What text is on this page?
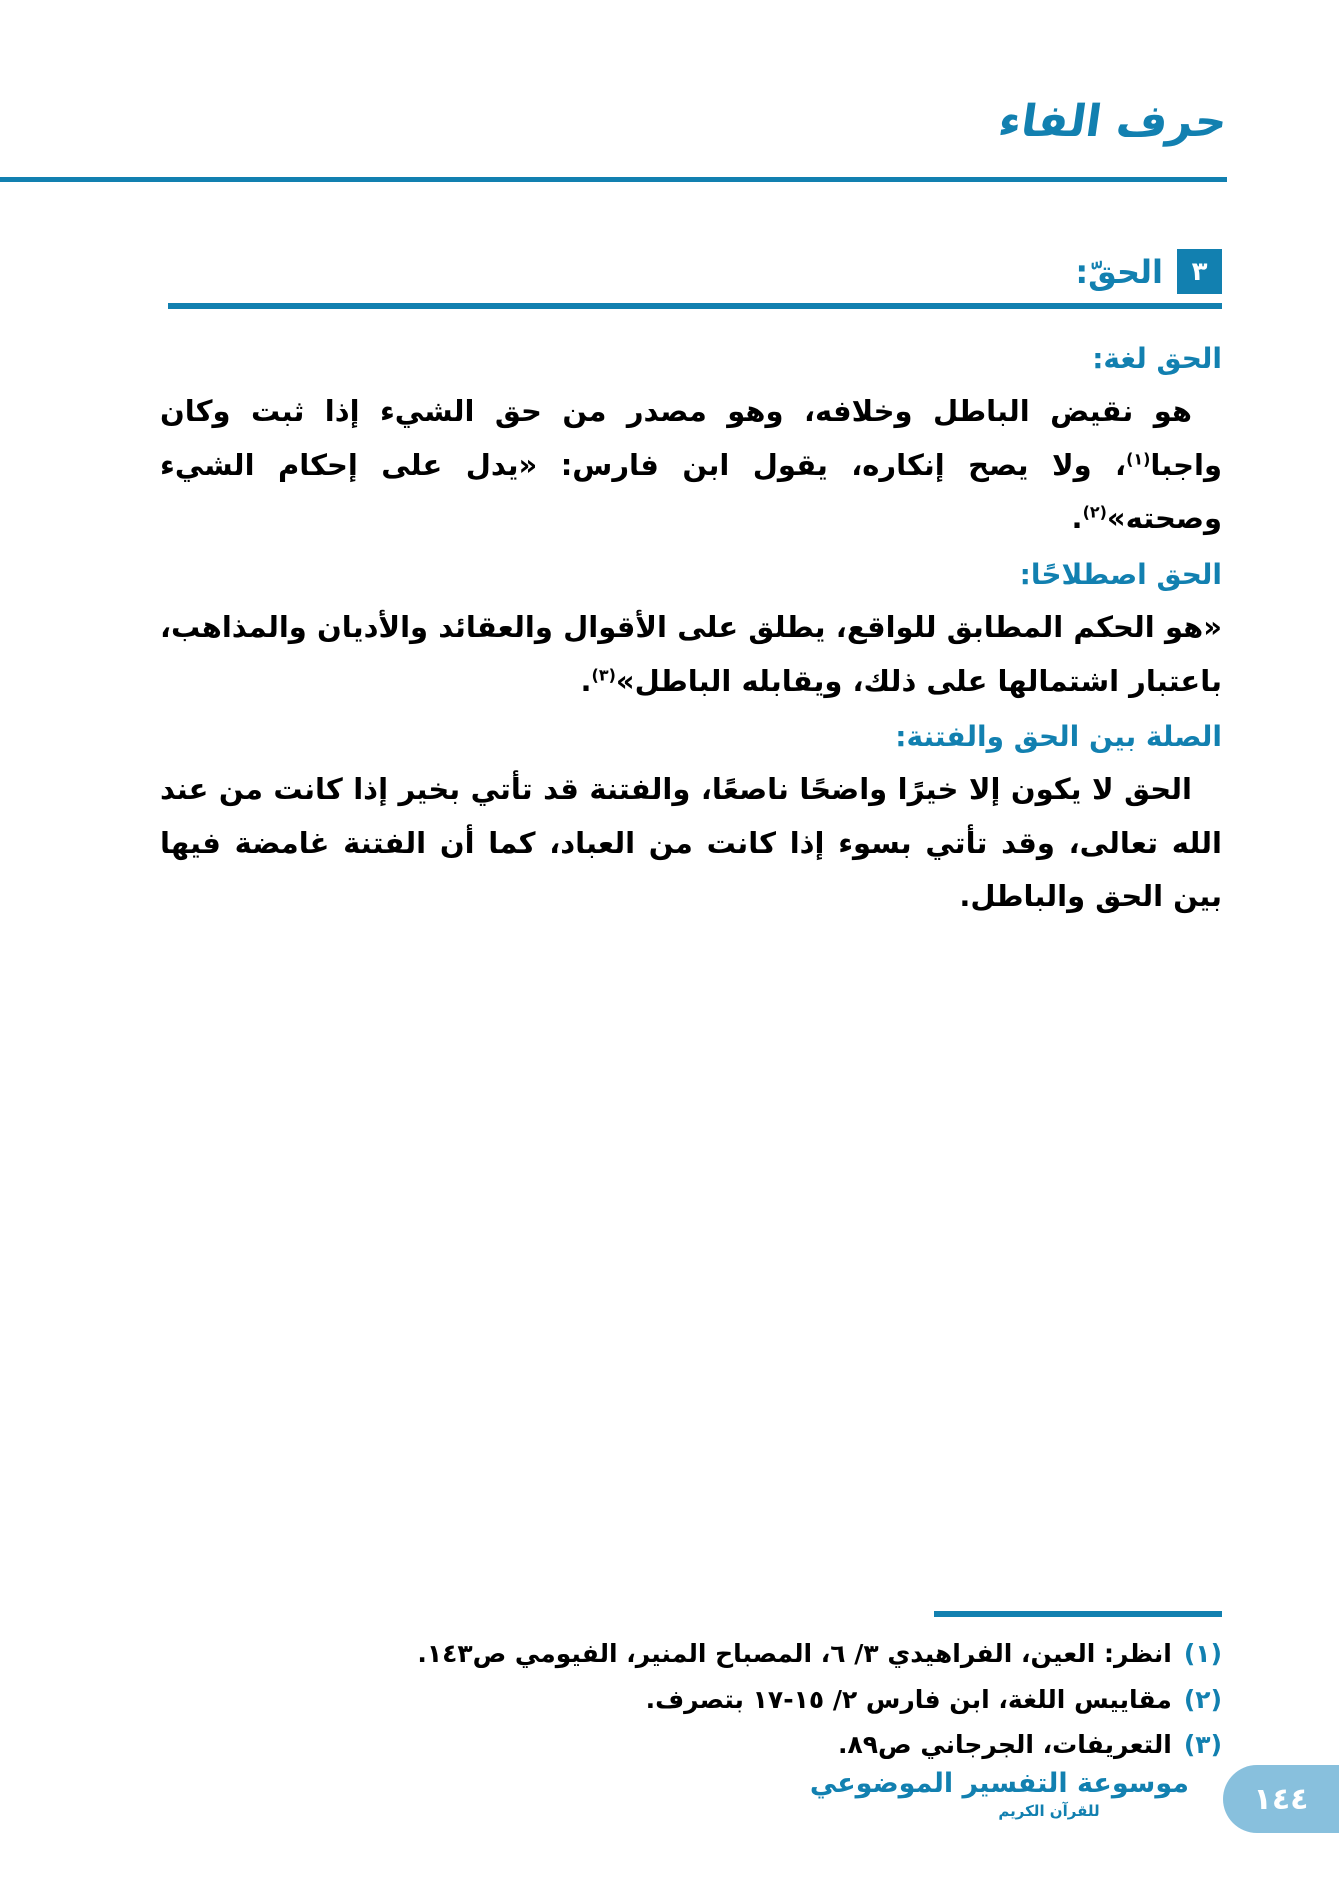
حرف الفاء
٣
الحقّ:
الحق لغة:

هو نقيض الباطل وخلافه، وهو مصدر من حق الشيء إذا ثبت وكان واجبا$^{(١)}$، ولا يصح إنكاره، يقول ابن فارس: «يدل على إحكام الشيء وصحته»$^{(٢)}$.

الحق اصطلاحًا:

«هو الحكم المطابق للواقع، يطلق على الأقوال والعقائد والأديان والمذاهب، باعتبار اشتمالها على ذلك، ويقابله الباطل»$^{(٣)}$.

الصلة بين الحق والفتنة:

الحق لا يكون إلا خيرًا واضحًا ناصعًا، والفتنة قد تأتي بخير إذا كانت من عند الله تعالى، وقد تأتي بسوء إذا كانت من العباد، كما أن الفتنة غامضة فيها بين الحق والباطل.

(١)
انظر: العين، الفراهيدي ٣/ ٦، المصباح المنير، الفيومي ص١٤٣.
(٢)
مقاييس اللغة، ابن فارس ٢/ ١٥-١٧ بتصرف.
(٣)
التعريفات، الجرجاني ص٨٩.
موسوعة التفسير الموضوعي
للقرآن الكريم	١٤٤
